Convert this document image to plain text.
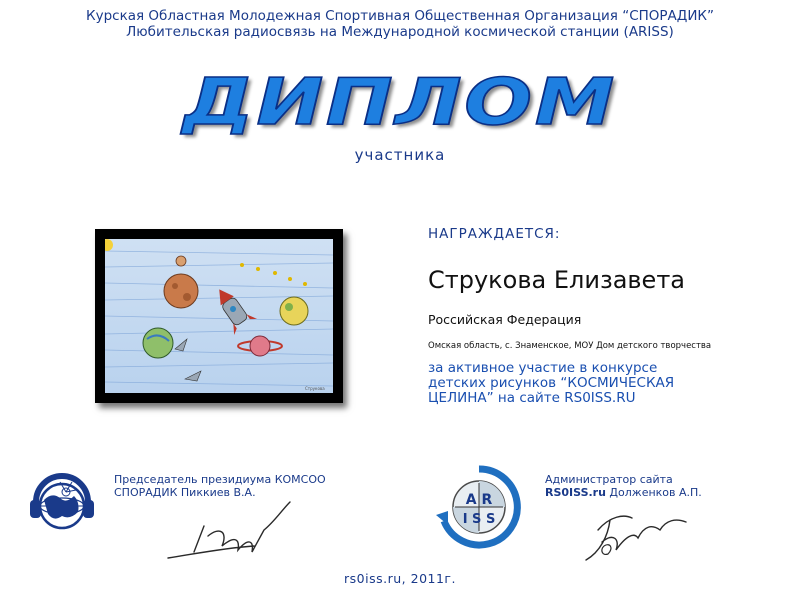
Курская Областная Молодежная Спортивная Общественная Организация “СПОРАДИК”
Любительская радиосвязь на Международной космической станции (ARISS)
ДИПЛОМ
участника
Струкова
НАГРАЖДАЕТСЯ:
Струкова Елизавета
Российская Федерация
Омская область, с. Знаменское, МОУ Дом детского творчества
за активное участие в конкурсе
детских рисунков “КОСМИЧЕСКАЯ
ЦЕЛИНА” на сайте RS0ISS.RU
Председатель президиума КОМСОО
СПОРАДИК Пиккиев В.А.	A R
I S S
Администратор сайта
RS0ISS.ru Долженков А.П.
rs0iss.ru, 2011г.
